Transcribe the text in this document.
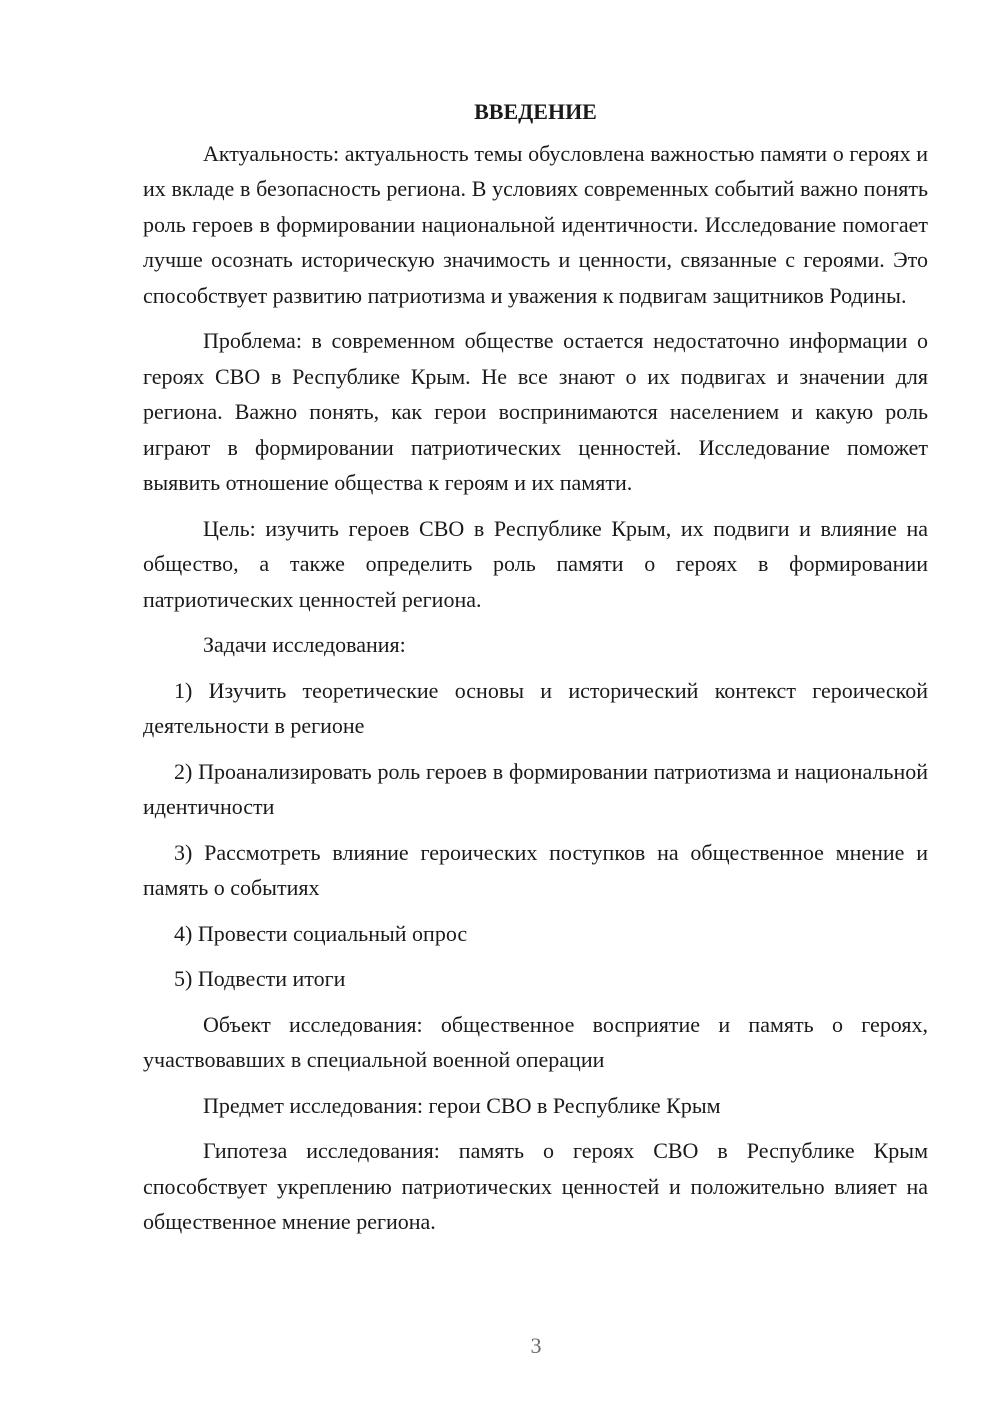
ВВЕДЕНИЕ

Актуальность: актуальность темы обусловлена важностью памяти о героях и их вкладе в безопасность региона. В условиях современных событий важно понять роль героев в формировании национальной идентичности. Исследование помогает лучше осознать историческую значимость и ценности, связанные с героями. Это способствует развитию патриотизма и уважения к подвигам защитников Родины.

Проблема: в современном обществе остается недостаточно информации о героях СВО в Республике Крым. Не все знают о их подвигах и значении для региона. Важно понять, как герои воспринимаются населением и какую роль играют в формировании патриотических ценностей. Исследование поможет выявить отношение общества к героям и их памяти.

Цель: изучить героев СВО в Республике Крым, их подвиги и влияние на общество, а также определить роль памяти о героях в формировании патриотических ценностей региона.

Задачи исследования:

1) Изучить теоретические основы и исторический контекст героической деятельности в регионе

2) Проанализировать роль героев в формировании патриотизма и национальной идентичности

3) Рассмотреть влияние героических поступков на общественное мнение и память о событиях

4) Провести социальный опрос

5) Подвести итоги

Объект исследования: общественное восприятие и память о героях, участвовавших в специальной военной операции

Предмет исследования: герои СВО в Республике Крым

Гипотеза исследования: память о героях СВО в Республике Крым способствует укреплению патриотических ценностей и положительно влияет на общественное мнение региона.

3
